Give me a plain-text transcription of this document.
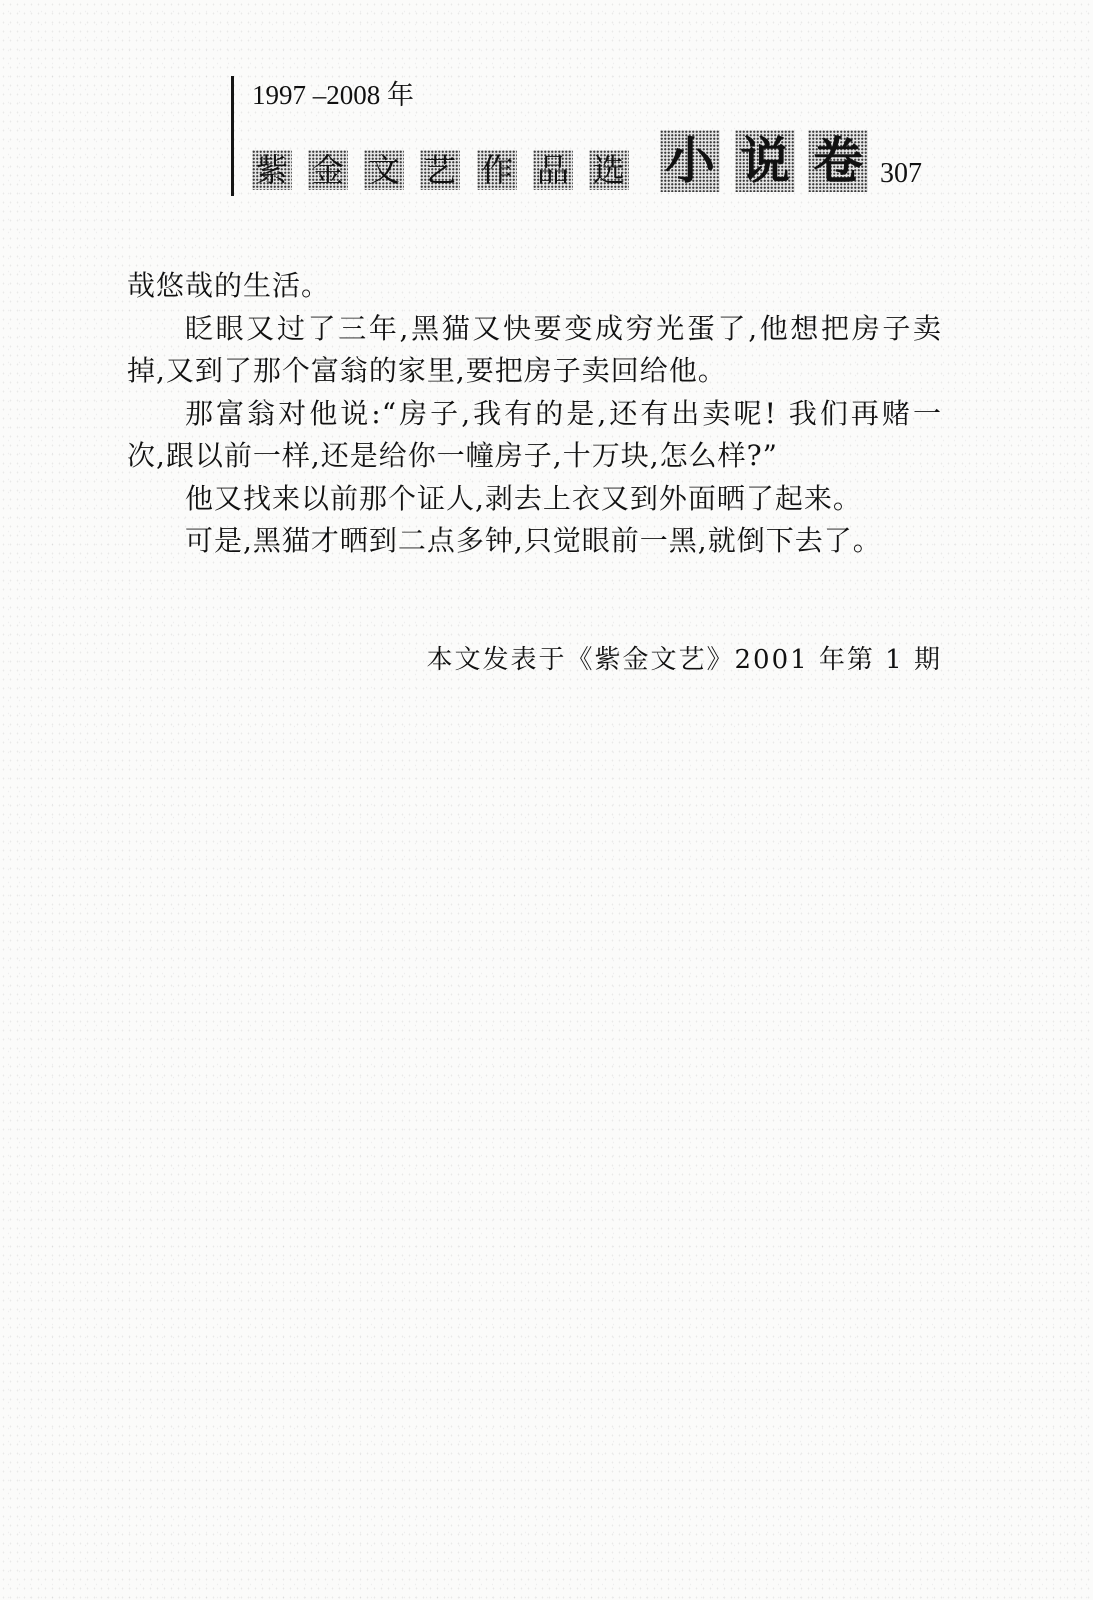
1997 –2008 年
紫 金 文 艺 作 品 选 小 说 卷 307
哉悠哉的生活。
眨眼又过了三年,黑猫又快要变成穷光蛋了,他想把房子卖
掉,又到了那个富翁的家里,要把房子卖回给他。
那富翁对他说:“房子,我有的是,还有出卖呢! 我们再赌一
次,跟以前一样,还是给你一幢房子,十万块,怎么样?”
他又找来以前那个证人,剥去上衣又到外面晒了起来。
可是,黑猫才晒到二点多钟,只觉眼前一黑,就倒下去了。
本文发表于《紫金文艺》2001 年第 1 期
